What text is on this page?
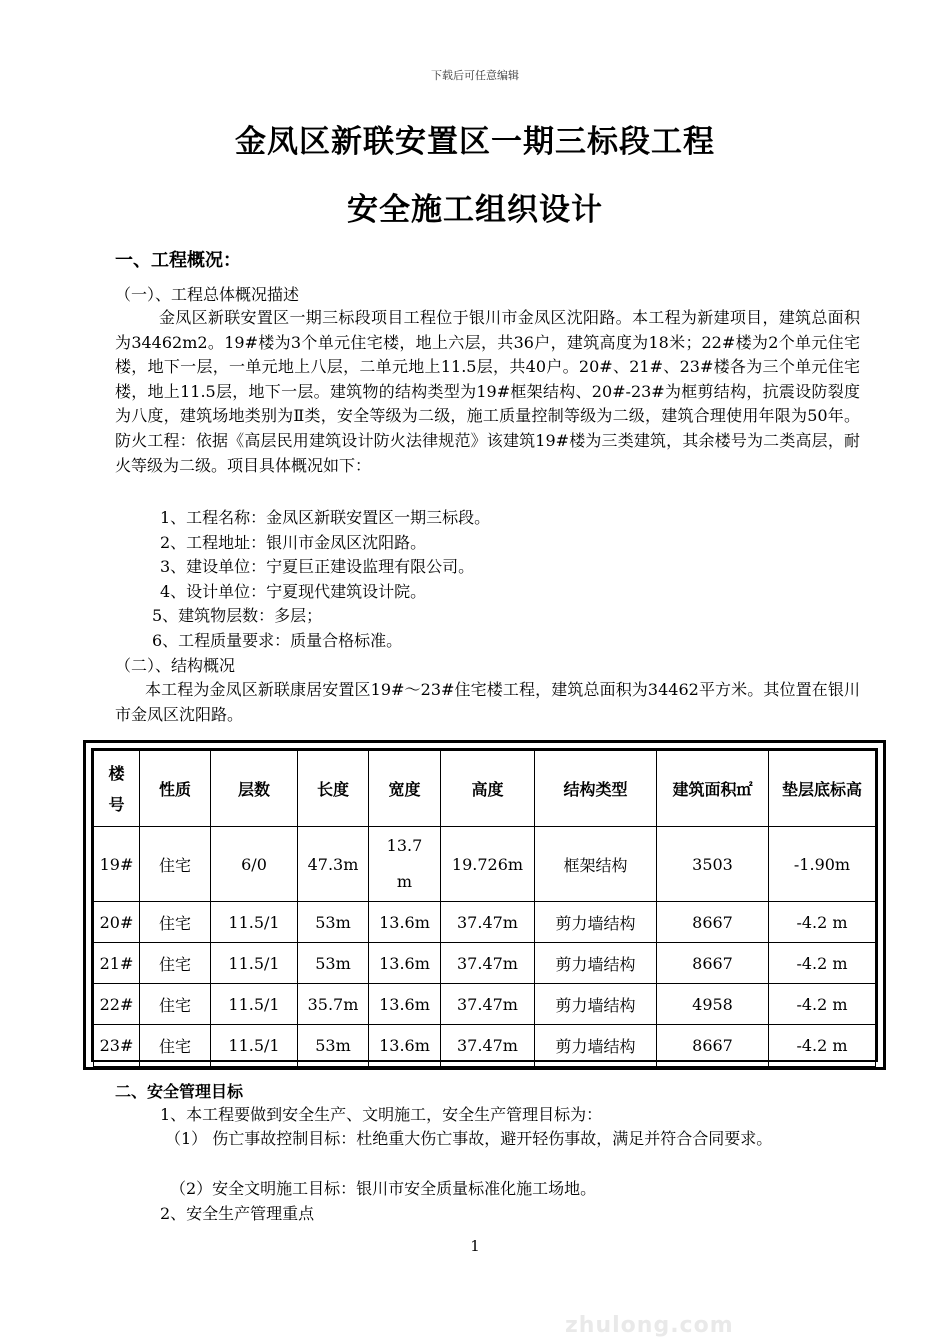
下载后可任意编辑
金凤区新联安置区一期三标段工程
安全施工组织设计
一、工程概况：
（一）、工程总体概况描述
金凤区新联安置区一期三标段项目工程位于银川市金凤区沈阳路。本工程为新建项目，建筑总面积为34462m2。19#楼为3个单元住宅楼，地上六层，共36户，建筑高度为18米；22#楼为2个单元住宅楼，地下一层，一单元地上八层，二单元地上11.5层，共40户。20#、21#、23#楼各为三个单元住宅楼，地上11.5层，地下一层。建筑物的结构类型为19#框架结构、20#-23#为框剪结构，抗震设防裂度为八度，建筑场地类别为Ⅱ类，安全等级为二级，施工质量控制等级为二级，建筑合理使用年限为50年。防火工程：依据《高层民用建筑设计防火法律规范》该建筑19#楼为三类建筑，其余楼号为二类高层，耐火等级为二级。项目具体概况如下：
1、工程名称：金凤区新联安置区一期三标段。
2、工程地址：银川市金凤区沈阳路。
3、建设单位：宁夏巨正建设监理有限公司。
4、设计单位：宁夏现代建筑设计院。
5、建筑物层数：多层；
6、工程质量要求：质量合格标准。
（二）、结构概况
本工程为金凤区新联康居安置区19#～23#住宅楼工程，建筑总面积为34462平方米。其位置在银川市金凤区沈阳路。
楼号	性质	层数	长度	宽度	高度	结构类型	建筑面积㎡	垫层底标高
19#	住宅	6/0	47.3m	13.7m	19.726m	框架结构	3503	-1.90m
20#	住宅	11.5/1	53m	13.6m	37.47m	剪力墙结构	8667	-4.2 m
21#	住宅	11.5/1	53m	13.6m	37.47m	剪力墙结构	8667	-4.2 m
22#	住宅	11.5/1	35.7m	13.6m	37.47m	剪力墙结构	4958	-4.2 m
23#	住宅	11.5/1	53m	13.6m	37.47m	剪力墙结构	8667	-4.2 m
二、安全管理目标
1、本工程要做到安全生产、文明施工，安全生产管理目标为：
（1） 伤亡事故控制目标：杜绝重大伤亡事故，避开轻伤事故，满足并符合合同要求。
（2）安全文明施工目标：银川市安全质量标准化施工场地。
2、安全生产管理重点
1
zhulong.com
